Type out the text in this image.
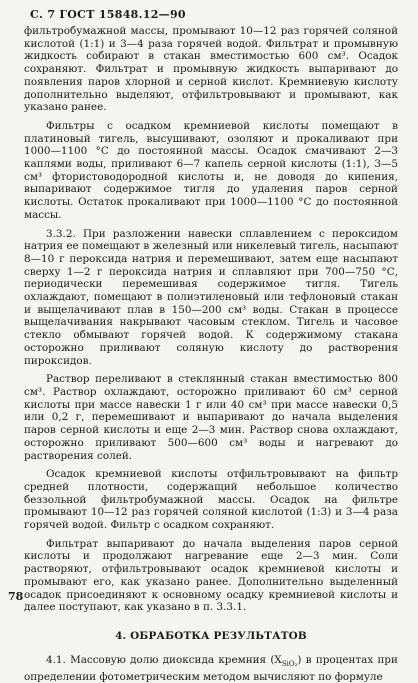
С. 7 ГОСТ 15848.12—90

фильтробумажной массы, промывают 10—12 раз горячей соляной кислотой (1:1) и 3—4 раза горячей водой. Фильтрат и промывную жидкость собирают в стакан вместимостью 600 см³. Осадок сохраняют. Фильтрат и промывную жидкость выпаривают до появления паров хлорной и серной кислот. Кремниевую кислоту дополнительно выделяют, отфильтровывают и промывают, как указано ранее.

Фильтры с осадком кремниевой кислоты помещают в платиновый тигель, высушивают, озоляют и прокаливают при 1000—1100 °С до постоянной массы. Осадок смачивают 2—3 каплями воды, приливают 6—7 капель серной кислоты (1:1), 3—5 см³ фтористоводородной кислоты и, не доводя до кипения, выпаривают содержимое тигля до удаления паров серной кислоты. Остаток прокаливают при 1000—1100 °С до постоянной массы.

3.3.2. При разложении навески сплавлением с пероксидом натрия ее помещают в железный или никелевый тигель, насыпают 8—10 г пероксида натрия и перемешивают, затем еще насыпают сверху 1—2 г пероксида натрия и сплавляют при 700—750 °С, периодически перемешивая содержимое тигля. Тигель охлаждают, помещают в полиэтиленовый или тефлоновый стакан и выщелачивают плав в 150—200 см³ воды. Стакан в процессе выщелачивания накрывают часовым стеклом. Тигель и часовое стекло обмывают горячей водой. К содержимому стакана осторожно приливают соляную кислоту до растворения пироксидов.

Раствор переливают в стеклянный стакан вместимостью 800 см³. Раствор охлаждают, осторожно приливают 60 см³ серной кислоты при массе навески 1 г или 40 см³ при массе навески 0,5 или 0,2 г, перемешивают и выпаривают до начала выделения паров серной кислоты и еще 2—3 мин. Раствор снова охлаждают, осторожно приливают 500—600 см³ воды и нагревают до растворения солей.

Осадок кремниевой кислоты отфильтровывают на фильтр средней плотности, содержащий небольшое количество беззольной фильтробумажной массы. Осадок на фильтре промывают 10—12 раз горячей соляной кислотой (1:3) и 3—4 раза горячей водой. Фильтр с осадком сохраняют.

Фильтрат выпаривают до начала выделения паров серной кислоты и продолжают нагревание еще 2—3 мин. Соли растворяют, отфильтровывают осадок кремниевой кислоты и промывают его, как указано ранее. Дополнительно выделенный осадок присоединяют к основному осадку кремниевой кислоты и далее поступают, как указано в п. 3.3.1.

4. ОБРАБОТКА РЕЗУЛЬТАТОВ

4.1. Массовую долю диоксида кремния $(X_{SiO_2})$ в процентах при определении фотометрическим методом вычисляют по формуле

78
